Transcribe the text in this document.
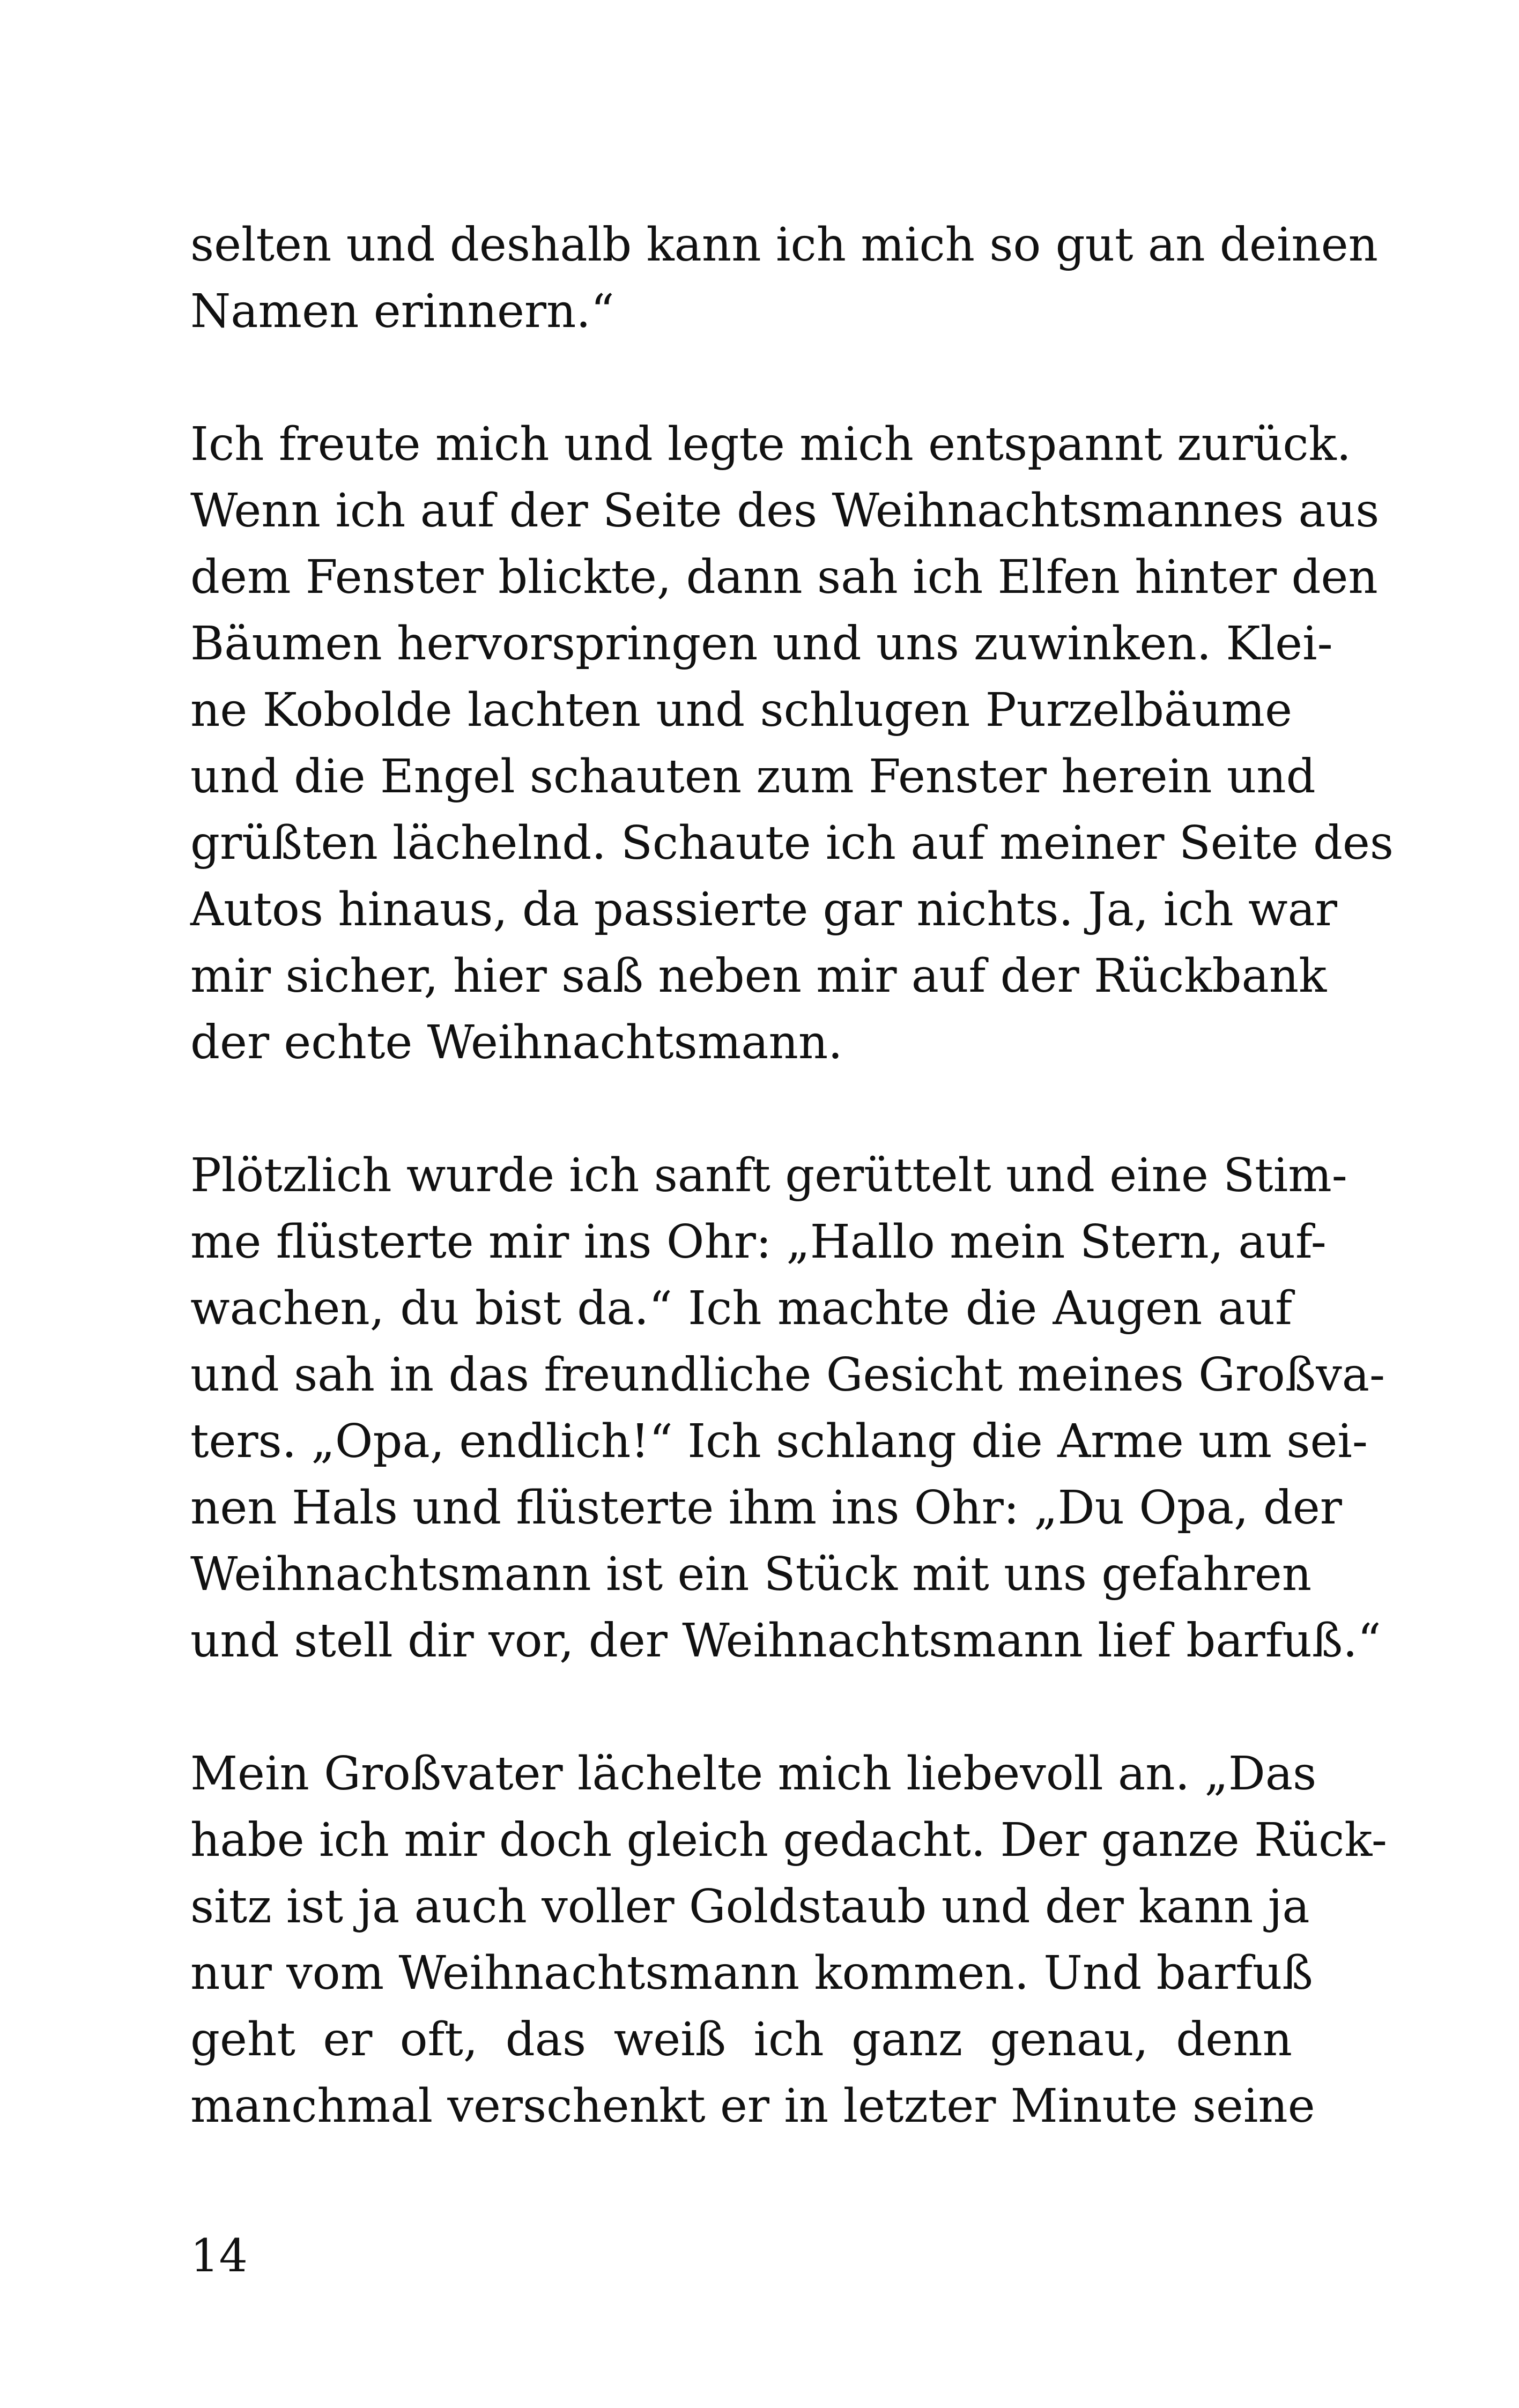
selten und deshalb kann ich mich so gut an deinen
Namen erinnern.“

Ich freute mich und legte mich entspannt zurück.
Wenn ich auf der Seite des Weihnachtsmannes aus
dem Fenster blickte, dann sah ich Elfen hinter den
Bäumen hervorspringen und uns zuwinken. Klei-
ne Kobolde lachten und schlugen Purzelbäume
und die Engel schauten zum Fenster herein und
grüßten lächelnd. Schaute ich auf meiner Seite des
Autos hinaus, da passierte gar nichts. Ja, ich war
mir sicher, hier saß neben mir auf der Rückbank
der echte Weihnachtsmann.

Plötzlich wurde ich sanft gerüttelt und eine Stim-
me flüsterte mir ins Ohr: „Hallo mein Stern, auf-
wachen, du bist da.“ Ich machte die Augen auf
und sah in das freundliche Gesicht meines Großva-
ters. „Opa, endlich!“ Ich schlang die Arme um sei-
nen Hals und flüsterte ihm ins Ohr: „Du Opa, der
Weihnachtsmann ist ein Stück mit uns gefahren
und stell dir vor, der Weihnachtsmann lief barfuß.“

Mein Großvater lächelte mich liebevoll an. „Das
habe ich mir doch gleich gedacht. Der ganze Rück-
sitz ist ja auch voller Goldstaub und der kann ja
nur vom Weihnachtsmann kommen. Und barfuß
geht er oft, das weiß ich ganz genau, denn
manchmal verschenkt er in letzter Minute seine

14
